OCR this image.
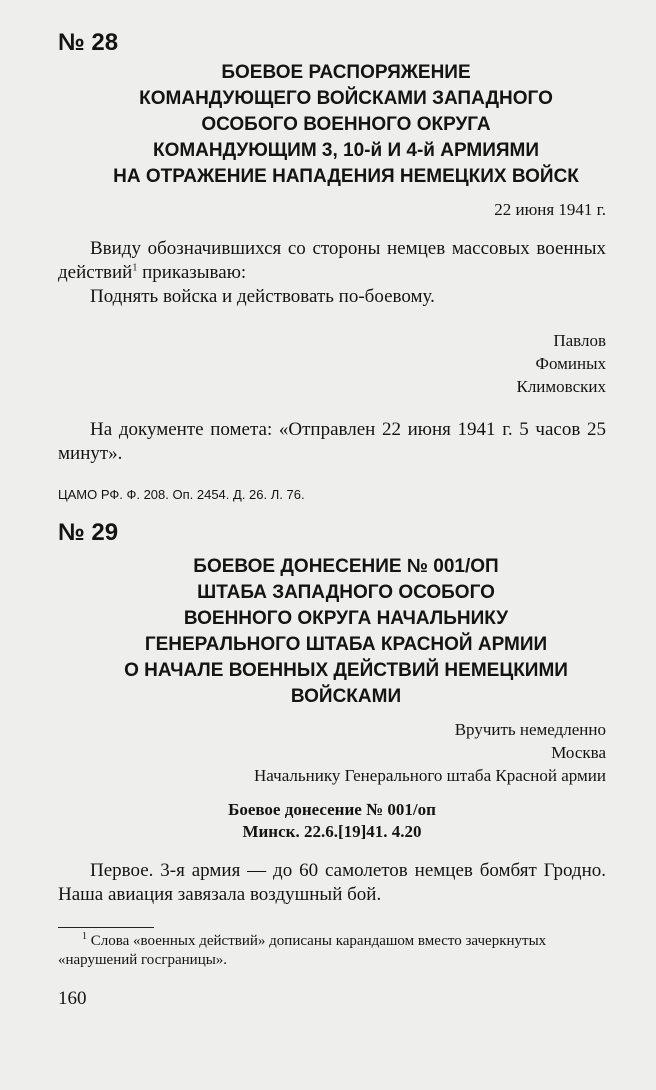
№ 28
БОЕВОЕ РАСПОРЯЖЕНИЕ
КОМАНДУЮЩЕГО ВОЙСКАМИ ЗАПАДНОГО
ОСОБОГО ВОЕННОГО ОКРУГА
КОМАНДУЮЩИМ 3, 10-й И 4-й АРМИЯМИ
НА ОТРАЖЕНИЕ НАПАДЕНИЯ НЕМЕЦКИХ ВОЙСК
22 июня 1941 г.

Ввиду обозначившихся со стороны немцев массовых военных действий$^1$ приказываю:

Поднять войска и действовать по-боевому.

Павлов
Фоминых
Климовских

На документе помета: «Отправлен 22 июня 1941 г. 5 часов 25 минут».

ЦАМО РФ. Ф. 208. Оп. 2454. Д. 26. Л. 76.

№ 29
БОЕВОЕ ДОНЕСЕНИЕ № 001/ОП
ШТАБА ЗАПАДНОГО ОСОБОГО
ВОЕННОГО ОКРУГА НАЧАЛЬНИКУ
ГЕНЕРАЛЬНОГО ШТАБА КРАСНОЙ АРМИИ
О НАЧАЛЕ ВОЕННЫХ ДЕЙСТВИЙ НЕМЕЦКИМИ
ВОЙСКАМИ
Вручить немедленно
Москва
Начальнику Генерального штаба Красной армии
Боевое донесение № 001/оп
Минск. 22.6.[19]41. 4.20

Первое. 3-я армия — до 60 самолетов немцев бомбят Гродно. Наша авиация завязала воздушный бой.

$^1$ Слова «военных действий» дописаны карандашом вместо зачеркнутых «нарушений госграницы».

160
